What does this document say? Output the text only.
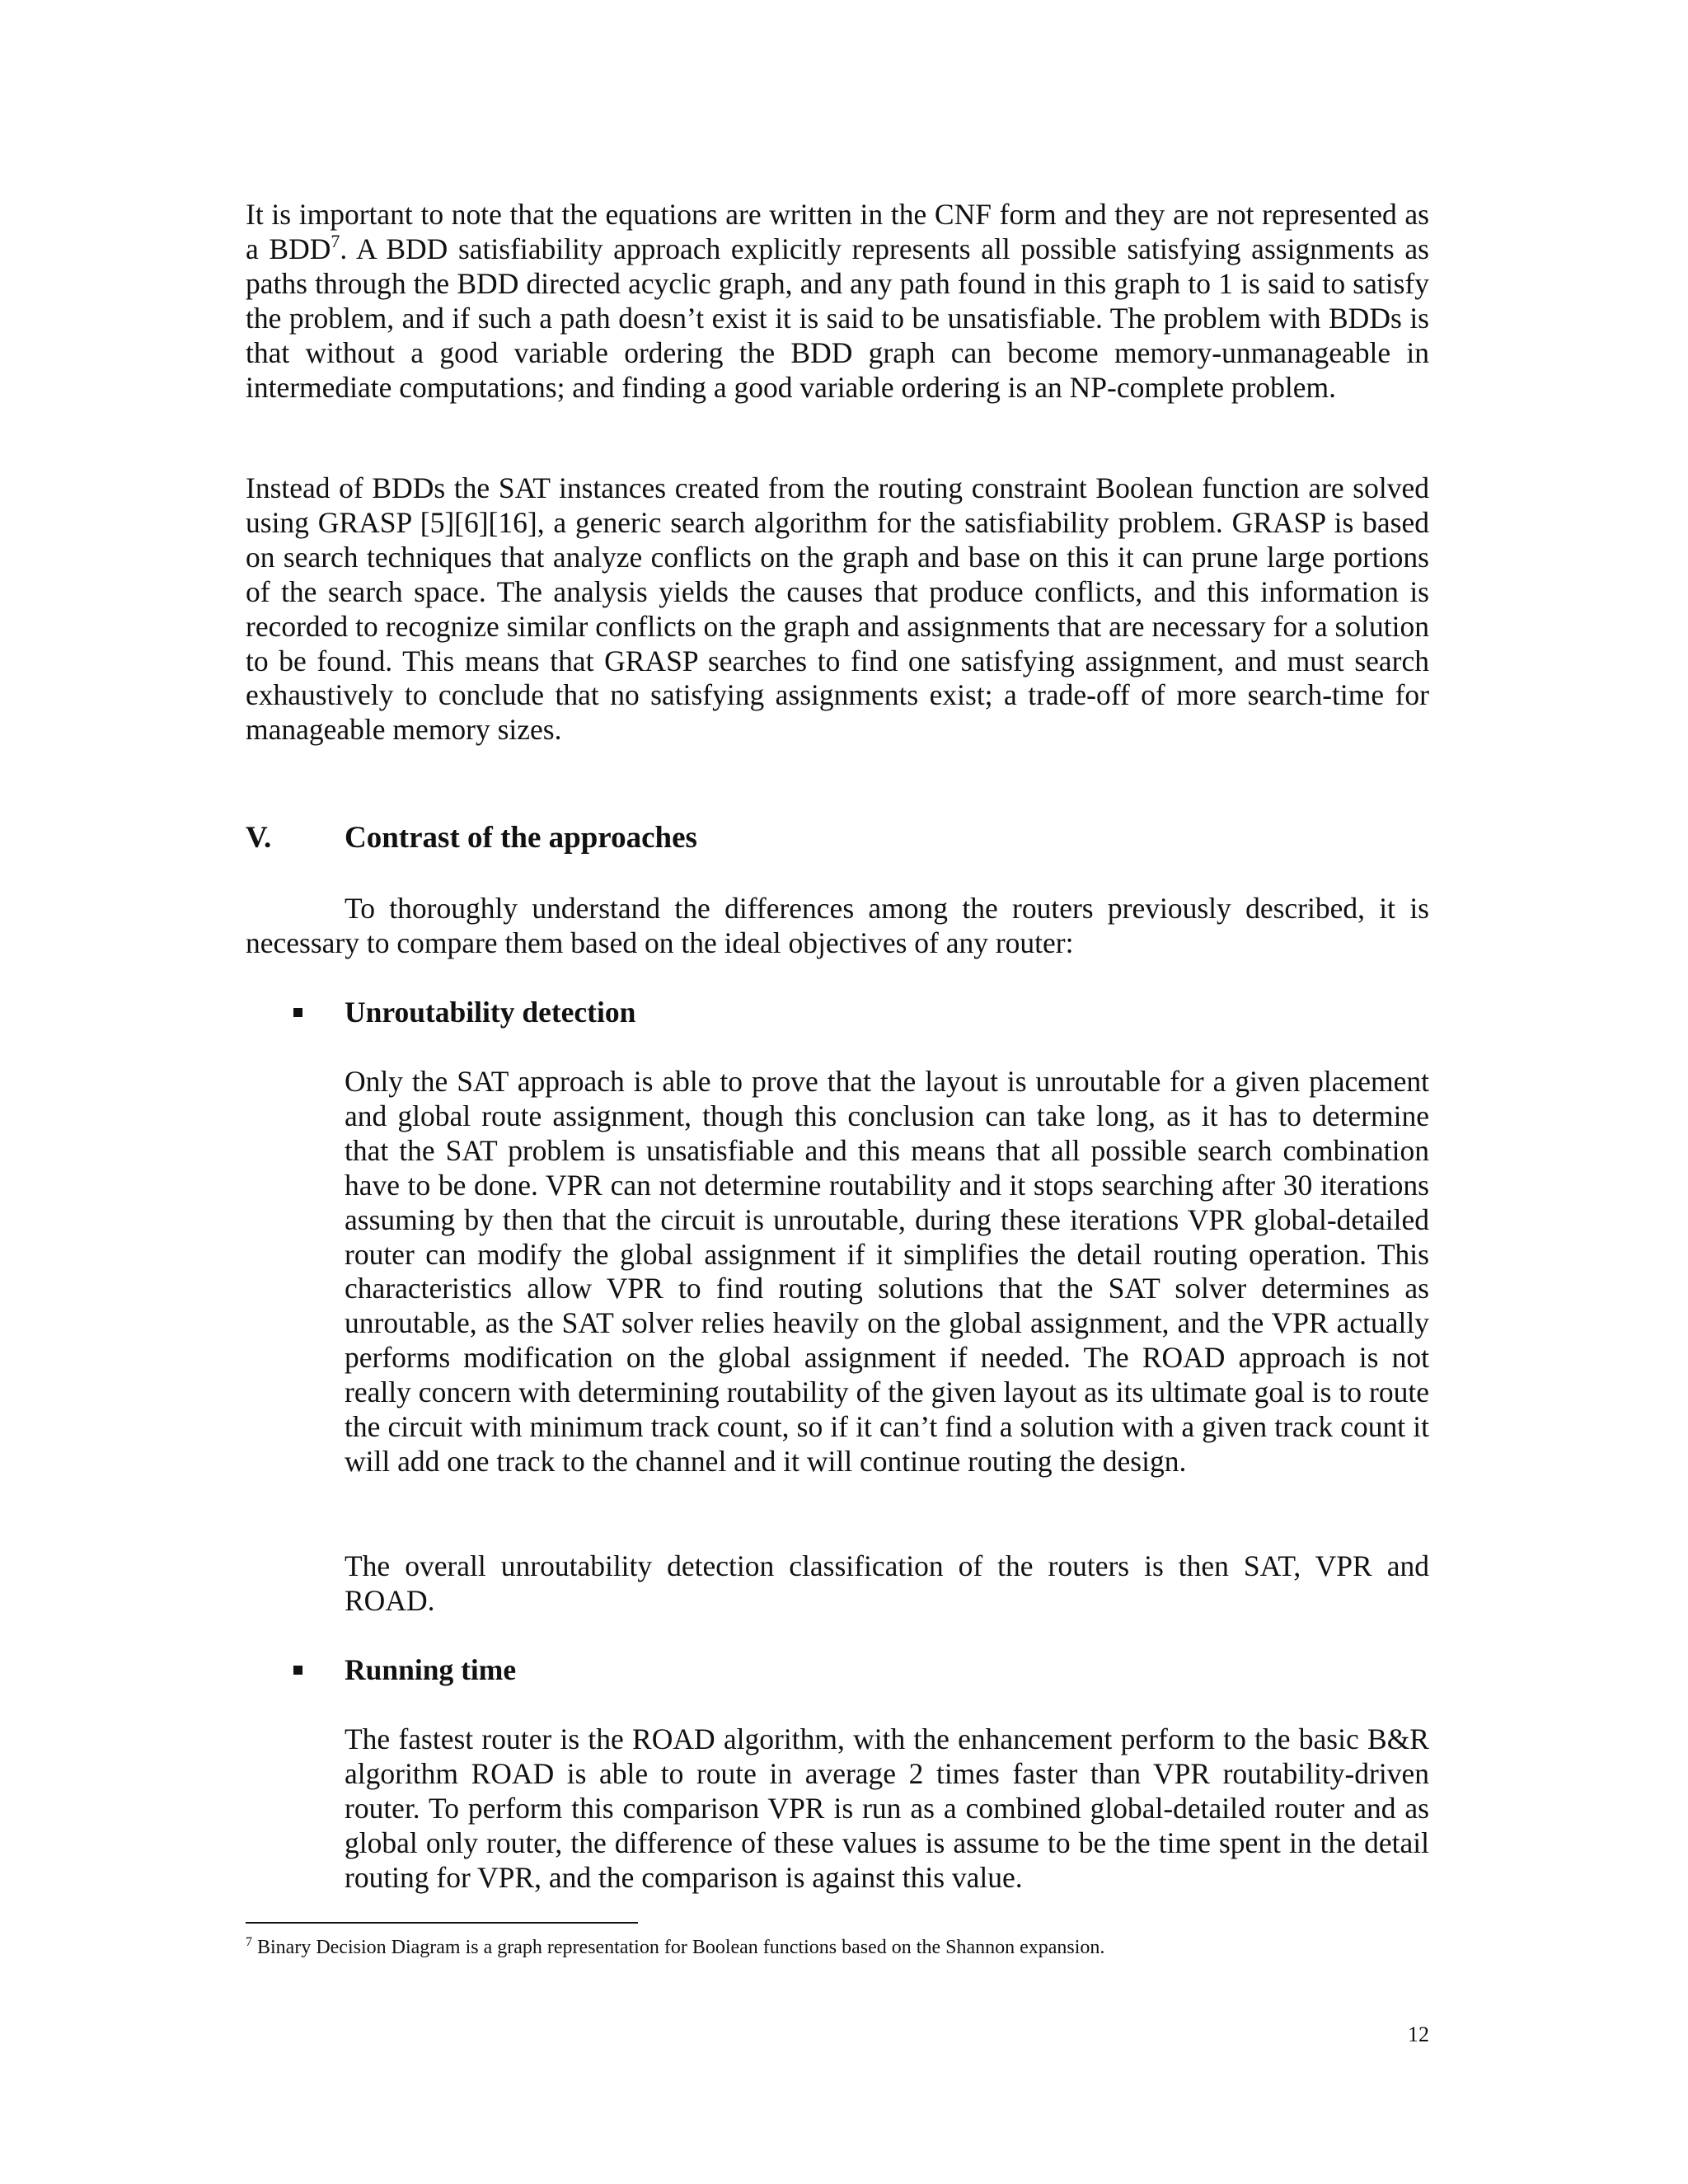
It is important to note that the equations are written in the CNF form and they are not represented as a BDD$^7$. A BDD satisfiability approach explicitly represents all possible satisfying assignments as paths through the BDD directed acyclic graph, and any path found in this graph to 1 is said to satisfy the problem, and if such a path doesn’t exist it is said to be unsatisfiable. The problem with BDDs is that without a good variable ordering the BDD graph can become memory-unmanageable in intermediate computations; and finding a good variable ordering is an NP-complete problem.

Instead of BDDs the SAT instances created from the routing constraint Boolean function are solved using GRASP [5][6][16], a generic search algorithm for the satisfiability problem. GRASP is based on search techniques that analyze conflicts on the graph and base on this it can prune large portions of the search space. The analysis yields the causes that produce conflicts, and this information is recorded to recognize similar conflicts on the graph and assignments that are necessary for a solution to be found. This means that GRASP searches to find one satisfying assignment, and must search exhaustively to conclude that no satisfying assignments exist; a trade-off of more search-time for manageable memory sizes.

V.	Contrast of the approaches

To thoroughly understand the differences among the routers previously described, it is necessary to compare them based on the ideal objectives of any router:

Unroutability detection

Only the SAT approach is able to prove that the layout is unroutable for a given placement and global route assignment, though this conclusion can take long, as it has to determine that the SAT problem is unsatisfiable and this means that all possible search combination have to be done. VPR can not determine routability and it stops searching after 30 iterations assuming by then that the circuit is unroutable, during these iterations VPR global-detailed router can modify the global assignment if it simplifies the detail routing operation. This characteristics allow VPR to find routing solutions that the SAT solver determines as unroutable, as the SAT solver relies heavily on the global assignment, and the VPR actually performs modification on the global assignment if needed. The ROAD approach is not really concern with determining routability of the given layout as its ultimate goal is to route the circuit with minimum track count, so if it can’t find a solution with a given track count it will add one track to the channel and it will continue routing the design.

The overall unroutability detection classification of the routers is then SAT, VPR and ROAD.

Running time

The fastest router is the ROAD algorithm, with the enhancement perform to the basic B&R algorithm ROAD is able to route in average 2 times faster than VPR routability-driven router. To perform this comparison VPR is run as a combined global-detailed router and as global only router, the difference of these values is assume to be the time spent in the detail routing for VPR, and the comparison is against this value.

$^7$ Binary Decision Diagram is a graph representation for Boolean functions based on the Shannon expansion.
12
